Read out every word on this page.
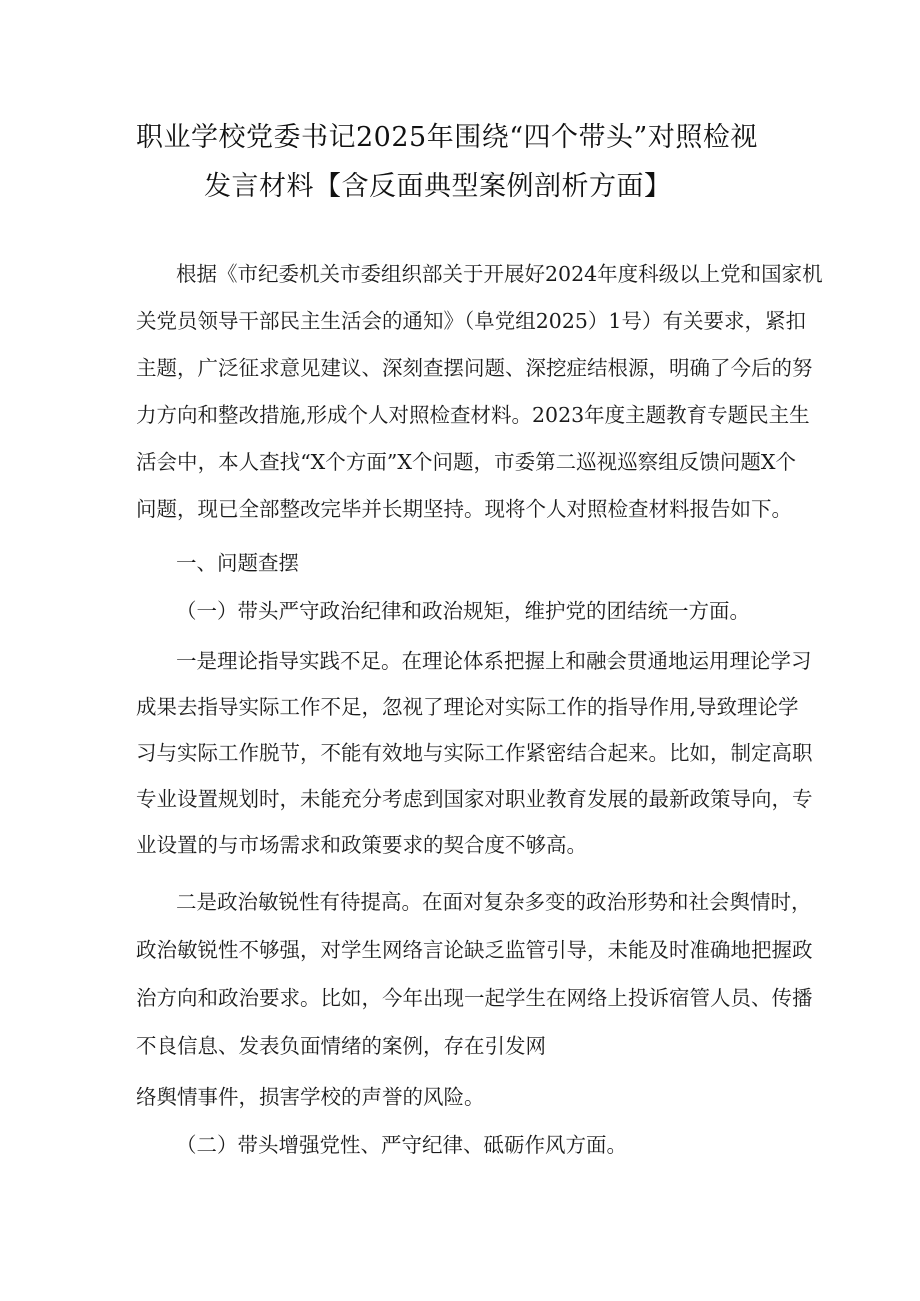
职业学校党委书记2025年围绕“四个带头”对照检视
发言材料【含反面典型案例剖析方面】
根据《市纪委机关市委组织部关于开展好2024年度科级以上党和国家机
关党员领导干部民主生活会的通知》（阜党组2025）1号）有关要求，紧扣
主题，广泛征求意见建议、深刻查摆问题、深挖症结根源，明确了今后的努
力方向和整改措施,形成个人对照检查材料。2023年度主题教育专题民主生
活会中，本人查找“X个方面”X个问题，市委第二巡视巡察组反馈问题X个
问题，现已全部整改完毕并长期坚持。现将个人对照检查材料报告如下。
一、问题查摆
（一）带头严守政治纪律和政治规矩，维护党的团结统一方面。
一是理论指导实践不足。在理论体系把握上和融会贯通地运用理论学习
成果去指导实际工作不足，忽视了理论对实际工作的指导作用,导致理论学
习与实际工作脱节，不能有效地与实际工作紧密结合起来。比如，制定高职
专业设置规划时，未能充分考虑到国家对职业教育发展的最新政策导向，专
业设置的与市场需求和政策要求的契合度不够高。
二是政治敏锐性有待提高。在面对复杂多变的政治形势和社会舆情时，
政治敏锐性不够强，对学生网络言论缺乏监管引导，未能及时准确地把握政
治方向和政治要求。比如，今年出现一起学生在网络上投诉宿管人员、传播
不良信息、发表负面情绪的案例，存在引发网
络舆情事件，损害学校的声誉的风险。
（二）带头增强党性、严守纪律、砥砺作风方面。
